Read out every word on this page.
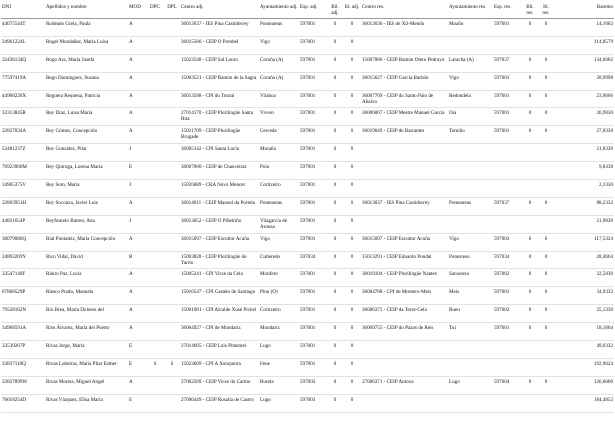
DNI	Apellidos y nombre	MOD	DPC	DPL	Centro adj.	Ayuntamiento adj.	Esp. adj.	Bil. adj.	Itl. adj.	Centro res.	Ayuntamiento res.	Esp. res.	Bil. res.	Itl. res.	Baremo
44075544T	Rodeado Grela, Paula	A			36013037 - IES Pina Castidorrey	Ponteareas	597001	0	0	36013036 - IES de Xil-Mendo	Moaño	597001	0	0	14,1662
34961224L	Rogel Mondañez, Maria Luisa	A			36015566 - CEIP O Pombel	Vigo	597001	0	0						114,8579
32436134Q	Rogo Ara, Maria Josefa	A			15023548 - CEIP Sal Louro	Coruña (A)	597001	0	0	15007886 - CEIP Ramón Otero Pedrayo	Laracha (A)	597037	0	0	134,6662
77597419A	Rego Domínguez, Susana	A			15003521 - CEIP Ramón de la Sagra	Coruña (A)	597001	0	0	36015627 - CEIP García Barbón	Vigo	597001	0	0	28,9998
44908226X	Reguera Requena, Patricia	A			36013588 - CPI do Toural	Vilaboa	597001	0	0	36007709 - CEIP do Santo Paio de Abaixo	Redondela	597001	0	0	23,9666
33313845R	Rey Díaz, Luisa María	A			27014170 - CEIP Plurilingüe Santa Rita	Vivero	597001	0	0	36006067 - CEIP Mestre Manuel García	Oia	597001	0	0	26,9830
32827834A	Rey Gómez, Concepción	A			15021709 - CEIP Plurilingüe Brugade	Cerceda	597001	0	0	36019049 - CEIP de Barrantes	Tomiño	597001	0	0	27,8330
52481237Z	Rey González, Pilar	J			36005142 - CPI Santa Lucía	Moraña	597001	0	0						21,8330
76923966M	Rey Quiroga, Lorena María	E			36007060 - CEIP de Chanceiras	Poio	597001	0	0						9,8330
34965375V	Rey Soto, María	J			15026689 - CRA Novo Mencer	Cortizeiro	597001	0	0						2,1330
32803951H	Rey Socouza, Javier Luis	A			36014611 - CEIP Manoel da Portela	Ponteareas	597001	0	0	36013037 - IES Pina Castidorrey	Ponteareas	597037	0	0	88,2332
44831654P	Reyfonrelo Barreo, Ana	J			36013652 - CEIP O Piñeiriño	Vilagarcía de Arousa	597001	0	0						21,9830
36079086Q	Rial Pontaleiz, María Concepción	A			36015097 - CEIP Escultor Acuña	Vigo	597001	0	0	36015097 - CEIP Escultor Acuña	Vigo	597003	0	0	117,5324
34893269Y	Rico Vidal, David	B			15003828 - CEIP Plurilingüe de Tarrío	Culleredo	597034	0	0	15013291 - CEIP Eduardo Pondal	Ponteceso	597034	0	0	28,4664
33547140F	Rieiro Paz, Lucía	A			15005241 - CPI Virxe da Cela	Monfero	597001	0	0	36018104 - CEIP Plurilingüe Nantes	Sanxenxo	597002	0	0	32,5830
67868529P	Riesco Prado, Manuela	A			15016547 - CPI Castelo de Santiago	Pino (O)	597001	0	0	36004708 - CPI de Montero-Meis	Meis	597001	0	0	34,9332
79528162N	Río Brea, María Dolores del	A			15001081 - CPI Alcalde Xosé Pichel	Cortizeiro	597001	0	0	36006375 - CEIP da Torre-Cela	Bueu	597002	0	0	25,1330
34968591A	Ríos Álvarez, María del Puerto	A			36004927 - CPI de Mondariz	Mondariz	597001	0	0	36009755 - CEIP do Pazos de Reis	Tui	597001	0	0	18,1664
33539267P	Rivas Jorge, María	E			27014605 - CEIP Luis Pimentel	Lugo	597001	0	0						49,0332
33837110Q	Rivas Lobeiras, María Pilar Esther	E	S	S	15023609 - CPI A Xunqueira	Fene	597001	0	0						192,9624
33827899W	Rivas Moreia, Miguel Angel	A			27002589 - CEIP Virxe do Carmo	Burela	597003	0	0	27006371 - CEIP Antoxa	Lugo	597004	0	0	126,6660
76618254D	Rivas Vázquez, Elisa María	E			27006449 - CEIP Rosalía de Castro	Lugo	597003	0	0						184,4852
